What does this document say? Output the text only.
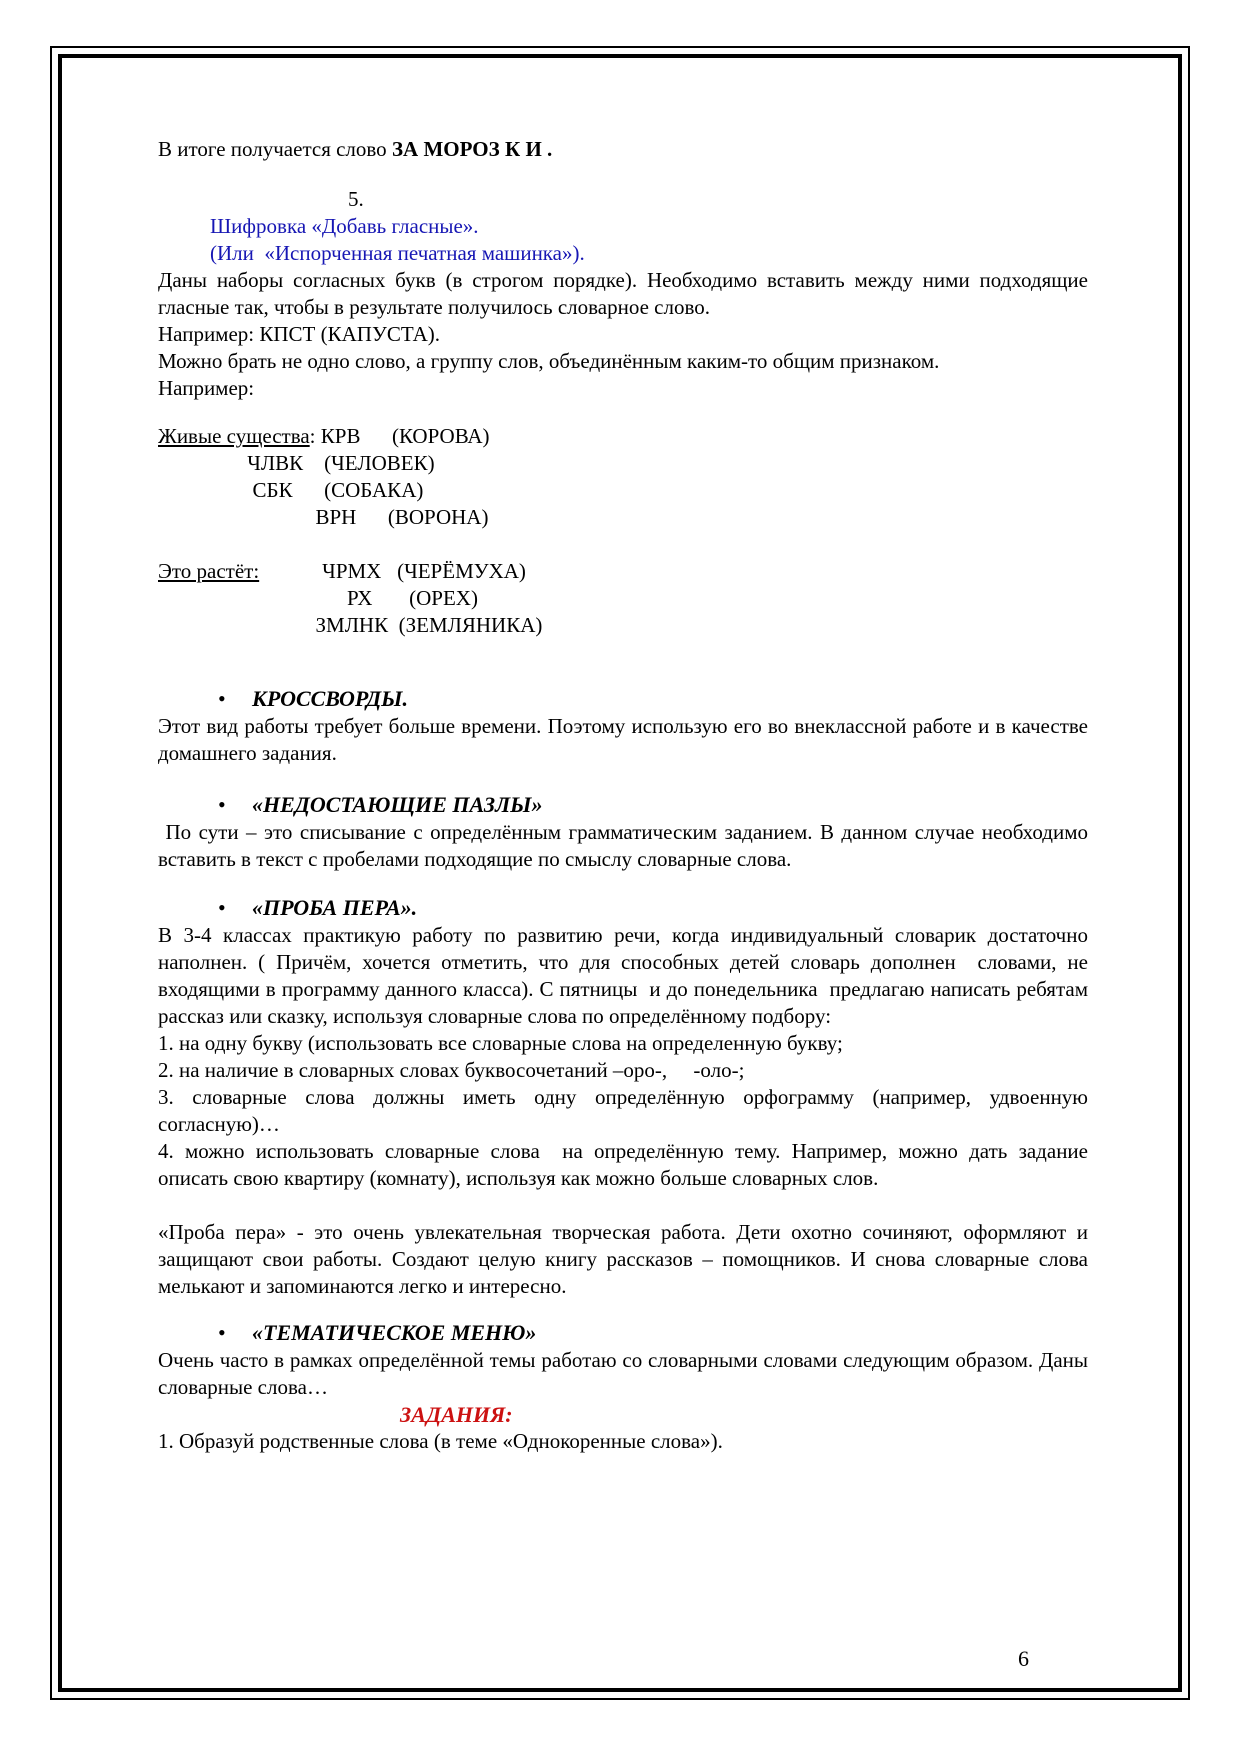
В итоге получается слово ЗА МОРОЗ К И .
5.
Шифровка «Добавь гласные».
(Или  «Испорченная печатная машинка»).
Даны наборы согласных букв (в строгом порядке). Необходимо вставить между ними подходящие гласные так, чтобы в результате получилось словарное слово.
Например: КПСТ (КАПУСТА).
Можно брать не одно слово, а группу слов, объединённым каким-то общим признаком.
Например:
Живые существа: КРВ      (КОРОВА)
ЧЛВК    (ЧЕЛОВЕК)
СБК      (СОБАКА)
ВРН      (ВОРОНА)
Это растёт:            ЧРМХ   (ЧЕРЁМУХА)
РХ       (ОРЕХ)
ЗМЛНК  (ЗЕМЛЯНИКА)
• КРОССВОРДЫ.
Этот вид работы требует больше времени. Поэтому использую его во внеклассной работе и в качестве домашнего задания.
• «НЕДОСТАЮЩИЕ ПАЗЛЫ»
По сути – это списывание с определённым грамматическим заданием. В данном случае необходимо вставить в текст с пробелами подходящие по смыслу словарные слова.
• «ПРОБА ПЕРА».
В 3-4 классах практикую работу по развитию речи, когда индивидуальный словарик достаточно наполнен. ( Причём, хочется отметить, что для способных детей словарь дополнен  словами, не входящими в программу данного класса). С пятницы  и до понедельника  предлагаю написать ребятам рассказ или сказку, используя словарные слова по определённому подбору:
1. на одну букву (использовать все словарные слова на определенную букву;
2. на наличие в словарных словах буквосочетаний –оро-,     -оло-;
3. словарные слова должны иметь одну определённую орфограмму (например, удвоенную согласную)…
4. можно использовать словарные слова  на определённую тему. Например, можно дать задание описать свою квартиру (комнату), используя как можно больше словарных слов.
«Проба пера» - это очень увлекательная творческая работа. Дети охотно сочиняют, оформляют и защищают свои работы. Создают целую книгу рассказов – помощников. И снова словарные слова мелькают и запоминаются легко и интересно.
• «ТЕМАТИЧЕСКОЕ МЕНЮ»
Очень часто в рамках определённой темы работаю со словарными словами следующим образом. Даны словарные слова…
ЗАДАНИЯ:
1. Образуй родственные слова (в теме «Однокоренные слова»).
6
